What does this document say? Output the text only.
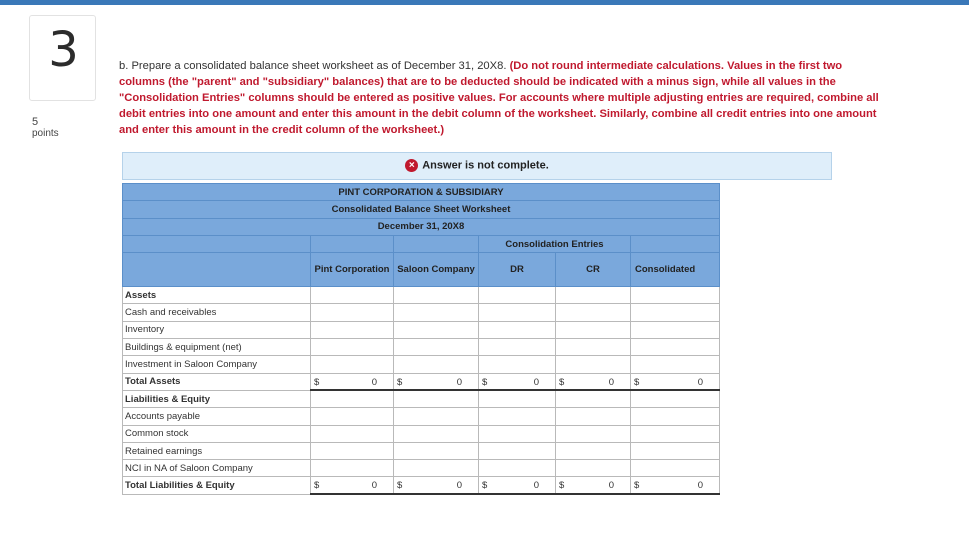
3
5
points
b. Prepare a consolidated balance sheet worksheet as of December 31, 20X8. (Do not round intermediate calculations. Values in the first two columns (the "parent" and "subsidiary" balances) that are to be deducted should be indicated with a minus sign, while all values in the "Consolidation Entries" columns should be entered as positive values. For accounts where multiple adjusting entries are required, combine all debit entries into one amount and enter this amount in the debit column of the worksheet. Similarly, combine all credit entries into one amount and enter this amount in the credit column of the worksheet.)
× Answer is not complete.
PINT CORPORATION & SUBSIDIARY					
Consolidated Balance Sheet Worksheet					
December 31, 20X8					
			Consolidation Entries		
	Pint Corporation	Saloon Company	DR	CR	Consolidated
Assets					
Cash and receivables					
Inventory					
Buildings & equipment (net)					
Investment in Saloon Company					
Total Assets	$ 0	$ 0	$ 0	$ 0	$ 0

Liabilities & Equity					
Accounts payable					
Common stock					
Retained earnings					
NCI in NA of Saloon Company					
Total Liabilities & Equity	$ 0	$ 0	$ 0	$ 0	$ 0
